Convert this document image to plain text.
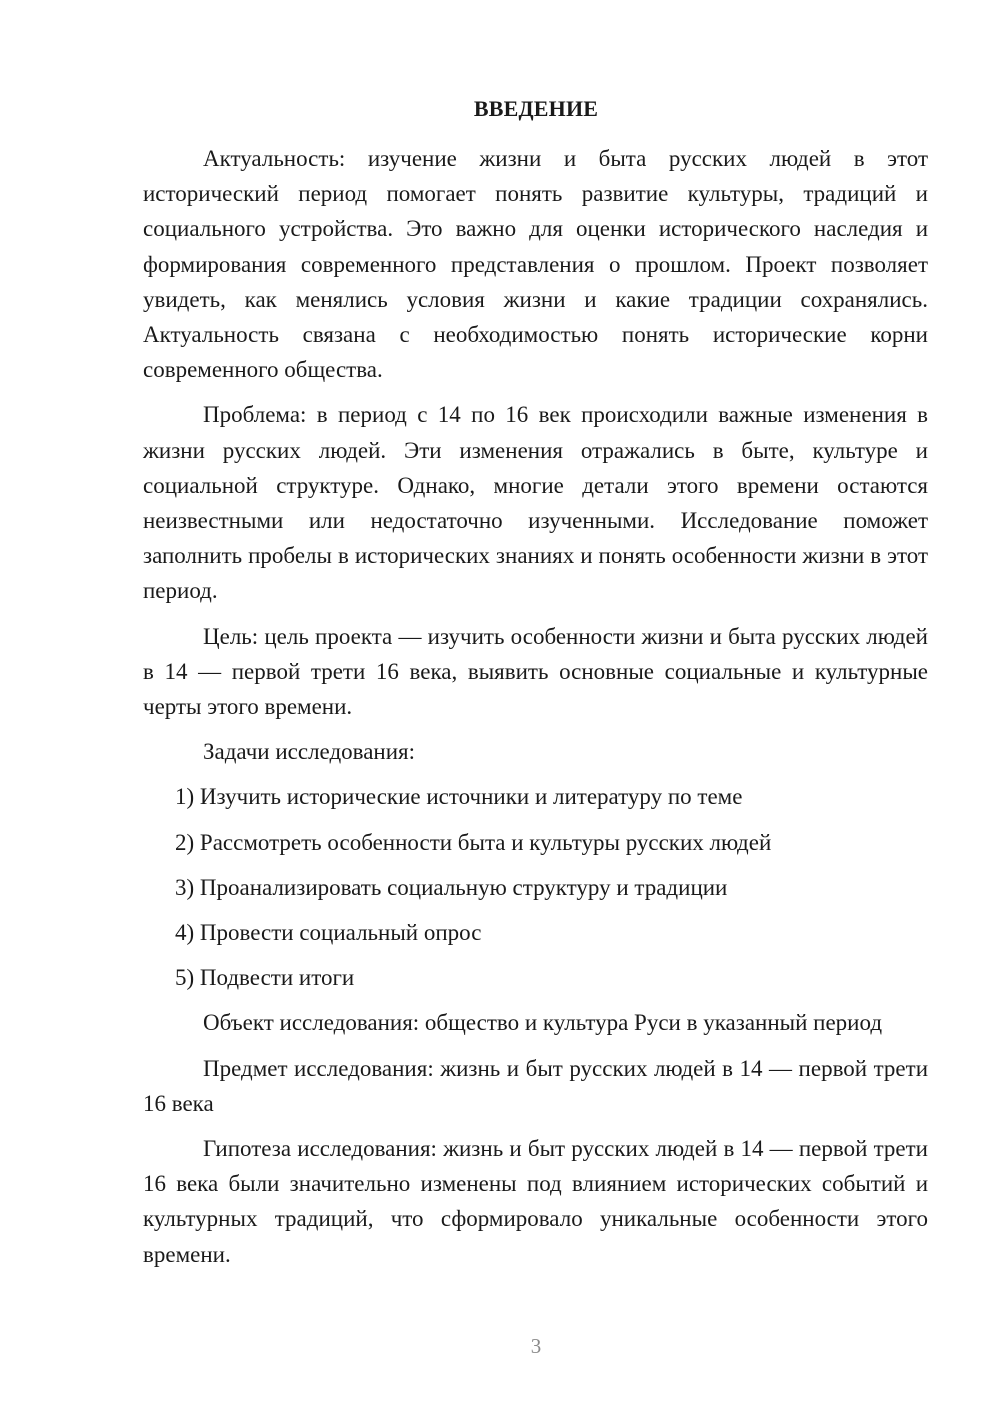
ВВЕДЕНИЕ

Актуальность: изучение жизни и быта русских людей в этот исторический период помогает понять развитие культуры, традиций и социального устройства. Это важно для оценки исторического наследия и формирования современного представления о прошлом. Проект позволяет увидеть, как менялись условия жизни и какие традиции сохранялись. Актуальность связана с необходимостью понять исторические корни современного общества.

Проблема: в период с 14 по 16 век происходили важные изменения в жизни русских людей. Эти изменения отражались в быте, культуре и социальной структуре. Однако, многие детали этого времени остаются неизвестными или недостаточно изученными. Исследование поможет заполнить пробелы в исторических знаниях и понять особенности жизни в этот период.

Цель: цель проекта — изучить особенности жизни и быта русских людей в 14 — первой трети 16 века, выявить основные социальные и культурные черты этого времени.

Задачи исследования:

1) Изучить исторические источники и литературу по теме

2) Рассмотреть особенности быта и культуры русских людей

3) Проанализировать социальную структуру и традиции

4) Провести социальный опрос

5) Подвести итоги

Объект исследования: общество и культура Руси в указанный период

Предмет исследования: жизнь и быт русских людей в 14 — первой трети 16 века

Гипотеза исследования: жизнь и быт русских людей в 14 — первой трети 16 века были значительно изменены под влиянием исторических событий и культурных традиций, что сформировало уникальные особенности этого времени.

3
